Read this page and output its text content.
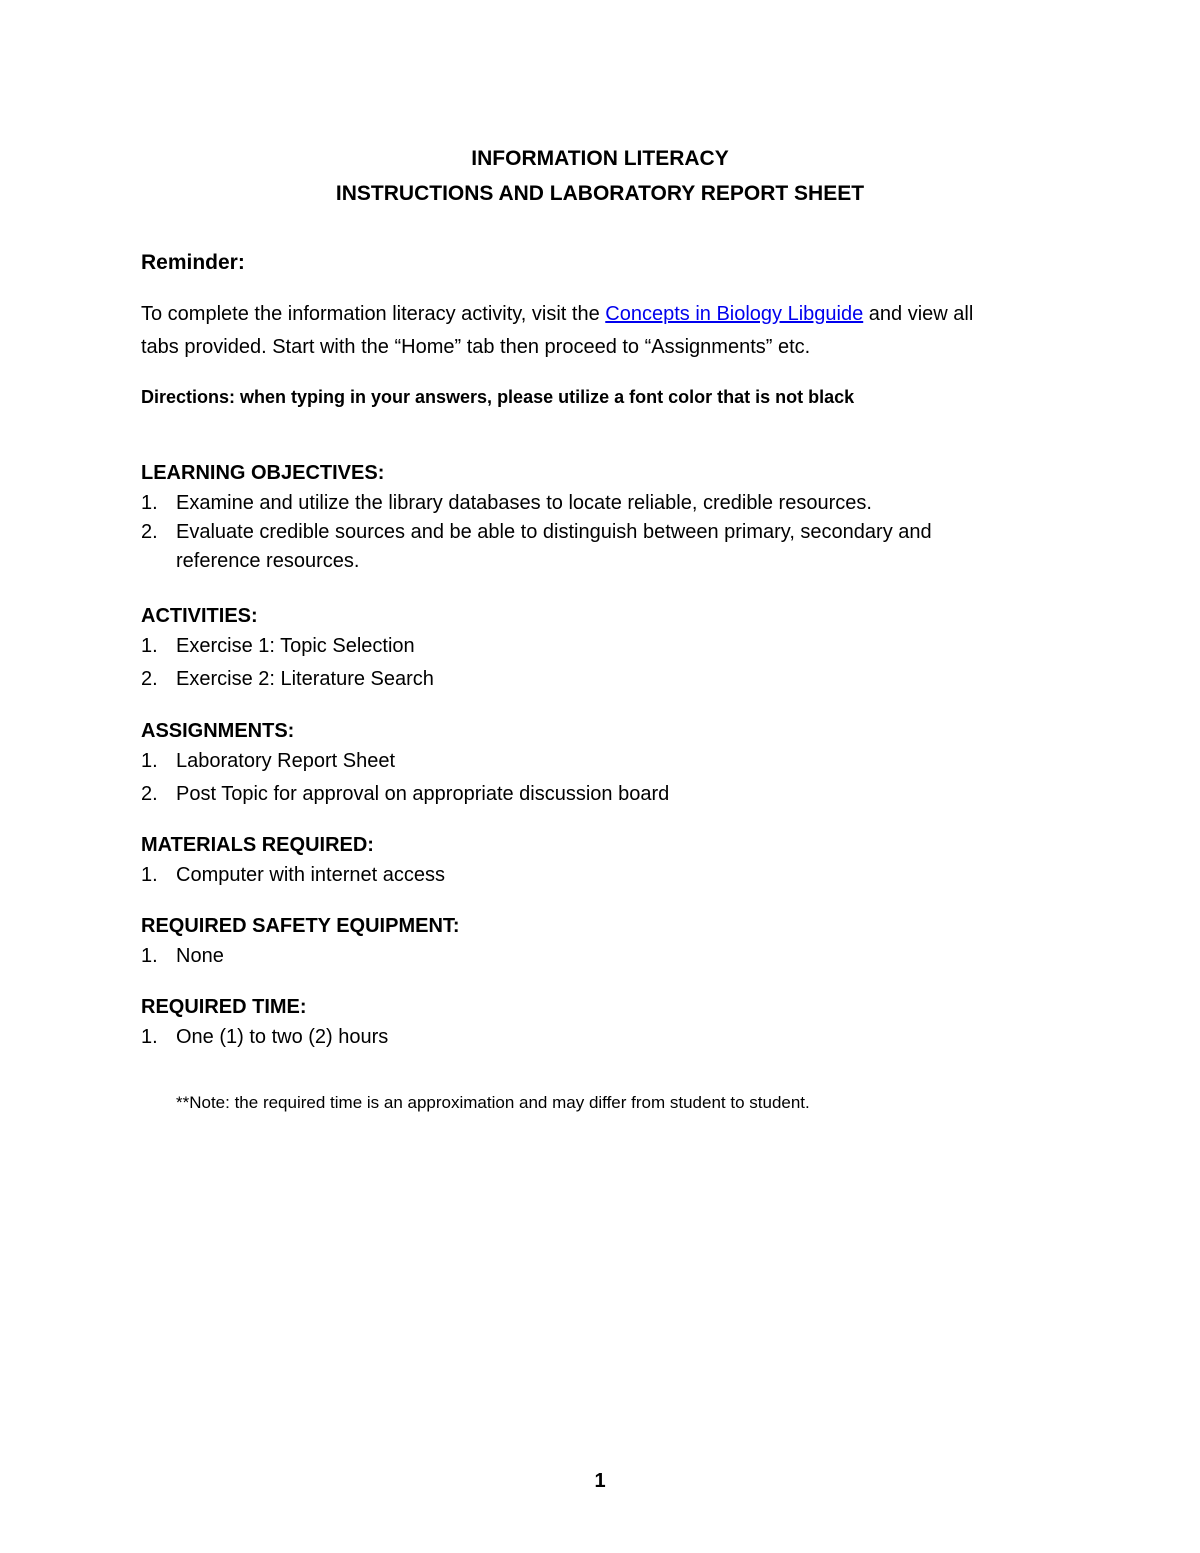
INFORMATION LITERACY
INSTRUCTIONS AND LABORATORY REPORT SHEET
Reminder:
To complete the information literacy activity, visit the Concepts in Biology Libguide and view all
tabs provided. Start with the “Home” tab then proceed to “Assignments” etc.
Directions: when typing in your answers, please utilize a font color that is not black
LEARNING OBJECTIVES:
1. Examine and utilize the library databases to locate reliable, credible resources.
2. Evaluate credible sources and be able to distinguish between primary, secondary and
reference resources.
ACTIVITIES:
1. Exercise 1: Topic Selection
2. Exercise 2: Literature Search
ASSIGNMENTS:
1. Laboratory Report Sheet
2. Post Topic for approval on appropriate discussion board
MATERIALS REQUIRED:
1. Computer with internet access
REQUIRED SAFETY EQUIPMENT:
1. None
REQUIRED TIME:
1. One (1) to two (2) hours
**Note: the required time is an approximation and may differ from student to student.
1
